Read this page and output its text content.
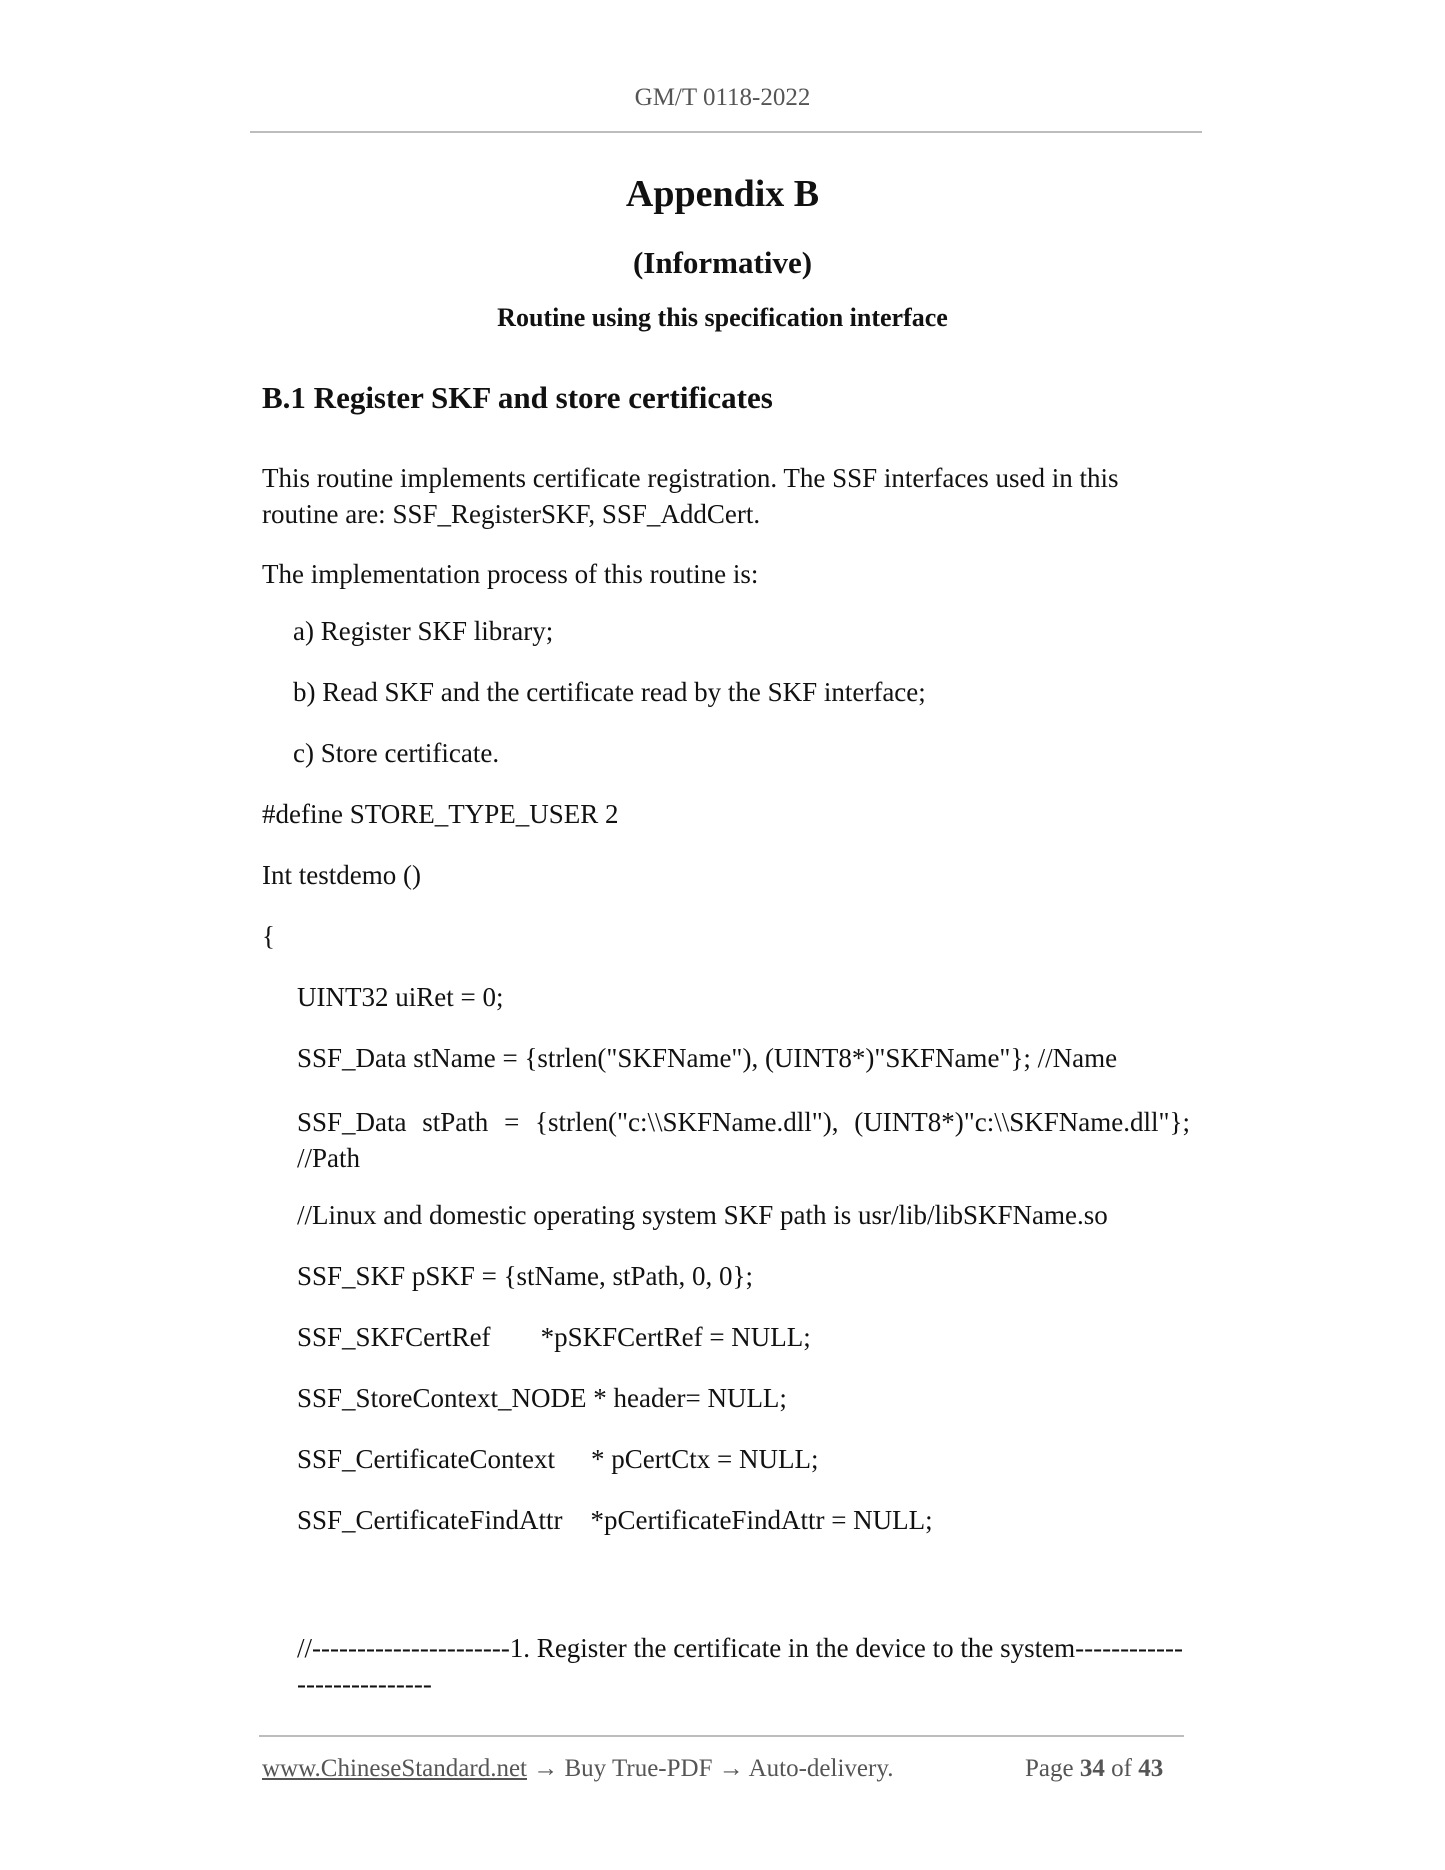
GM/T 0118-2022
Appendix B
(Informative)
Routine using this specification interface
B.1 Register SKF and store certificates
This routine implements certificate registration. The SSF interfaces used in this routine are: SSF_RegisterSKF, SSF_AddCert.
The implementation process of this routine is:
a) Register SKF library;
b) Read SKF and the certificate read by the SKF interface;
c) Store certificate.
#define STORE_TYPE_USER 2
Int testdemo ()
{
UINT32 uiRet = 0;
SSF_Data stName = {strlen("SKFName"), (UINT8*)"SKFName"}; //Name
SSF_Data stPath = {strlen("c:\\SKFName.dll"), (UINT8*)"c:\\SKFName.dll"}; //Path
//Linux and domestic operating system SKF path is usr/lib/libSKFName.so
SSF_SKF pSKF = {stName, stPath, 0, 0};
SSF_SKFCertRef *pSKFCertRef = NULL;
SSF_StoreContext_NODE * header= NULL;
SSF_CertificateContext * pCertCtx = NULL;
SSF_CertificateFindAttr *pCertificateFindAttr = NULL;
//----------------------1. Register the certificate in the device to the system------------ ---------------
www.ChineseStandard.net → Buy True-PDF → Auto-delivery.	Page 34 of 43
